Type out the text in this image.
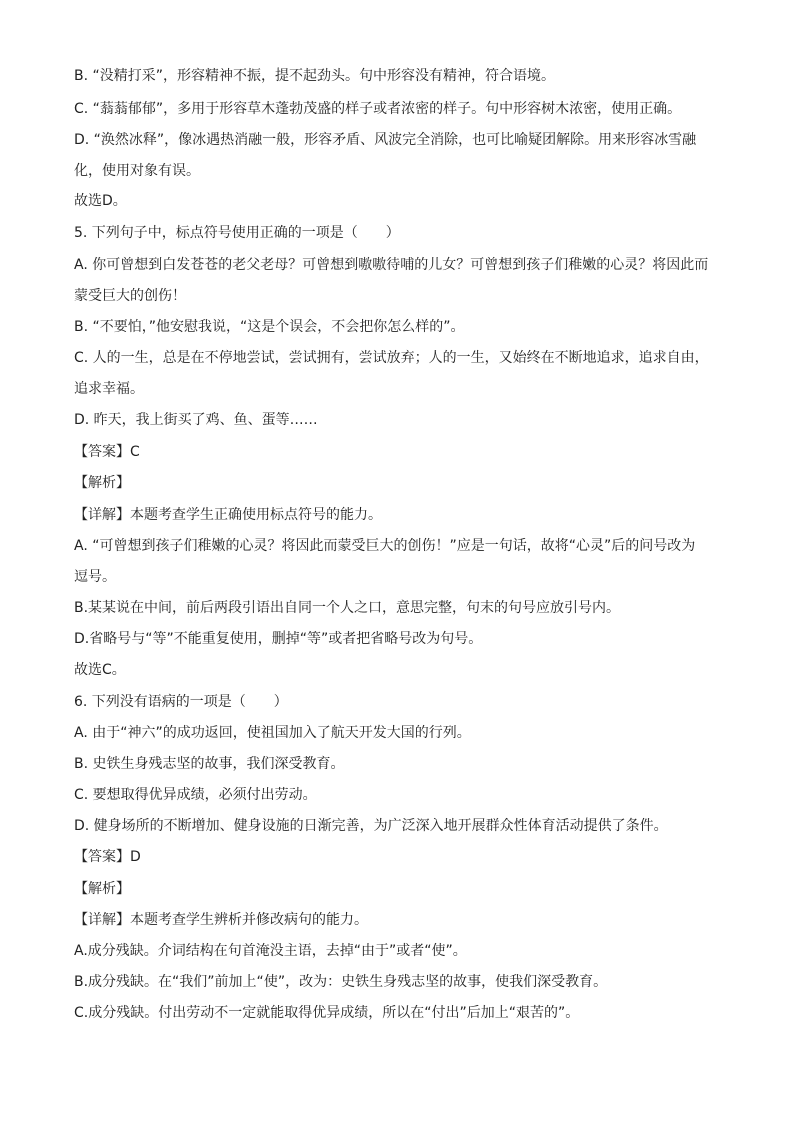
B. “没精打采”，形容精神不振，提不起劲头。句中形容没有精神，符合语境。
C. “蓊蓊郁郁”，多用于形容草木蓬勃茂盛的样子或者浓密的样子。句中形容树木浓密，使用正确。
D. “涣然冰释”，像冰遇热消融一般，形容矛盾、风波完全消除，也可比喻疑团解除。用来形容冰雪融
化，使用对象有误。
故选D。
5. 下列句子中，标点符号使用正确的一项是（　　）
A. 你可曾想到白发苍苍的老父老母？可曾想到嗷嗷待哺的儿女？可曾想到孩子们稚嫩的心灵？将因此而
蒙受巨大的创伤！
B. “不要怕，”他安慰我说，“这是个误会，不会把你怎么样的”。
C. 人的一生，总是在不停地尝试，尝试拥有，尝试放弃；人的一生，又始终在不断地追求，追求自由，
追求幸福。
D. 昨天，我上街买了鸡、鱼、蛋等……
【答案】C
【解析】
【详解】本题考查学生正确使用标点符号的能力。
A. “可曾想到孩子们稚嫩的心灵？将因此而蒙受巨大的创伤！”应是一句话，故将“心灵”后的问号改为
逗号。
B.某某说在中间，前后两段引语出自同一个人之口，意思完整，句末的句号应放引号内。
D.省略号与“等”不能重复使用，删掉“等”或者把省略号改为句号。
故选C。
6. 下列没有语病的一项是（　　）
A. 由于“神六”的成功返回，使祖国加入了航天开发大国的行列。
B. 史铁生身残志坚的故事，我们深受教育。
C. 要想取得优异成绩，必须付出劳动。
D. 健身场所的不断增加、健身设施的日渐完善，为广泛深入地开展群众性体育活动提供了条件。
【答案】D
【解析】
【详解】本题考查学生辨析并修改病句的能力。
A.成分残缺。介词结构在句首淹没主语，去掉“由于”或者“使”。
B.成分残缺。在“我们”前加上“使”，改为：史铁生身残志坚的故事，使我们深受教育。
C.成分残缺。付出劳动不一定就能取得优异成绩，所以在“付出”后加上“艰苦的”。
